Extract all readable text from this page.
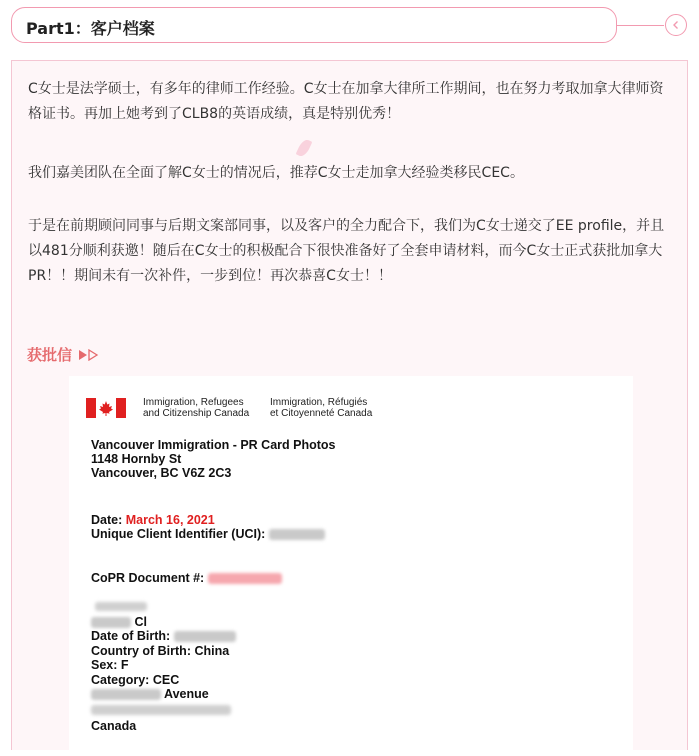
Part1：客户档案

C女士是法学硕士，有多年的律师工作经验。C女士在加拿大律所工作期间，也在努力考取加拿大律师资格证书。再加上她考到了CLB8的英语成绩，真是特别优秀！

我们嘉美团队在全面了解C女士的情况后，推荐C女士走加拿大经验类移民CEC。

于是在前期顾问同事与后期文案部同事，以及客户的全力配合下，我们为C女士递交了EE profile，并且以481分顺利获邀！随后在C女士的积极配合下很快准备好了全套申请材料，而今C女士正式获批加拿大PR！！期间未有一次补件，一步到位！再次恭喜C女士！！

获批信
Immigration, Refugees
and Citizenship Canada
Immigration, Réfugiés
et Citoyenneté Canada
Vancouver Immigration - PR Card Photos
1148 Hornby St
Vancouver, BC V6Z 2C3
Date: March 16, 2021
Unique Client Identifier (UCI):
CoPR Document #:
Cl
Date of Birth:
Country of Birth: China
Sex: F
Category: CEC
Avenue
Canada
